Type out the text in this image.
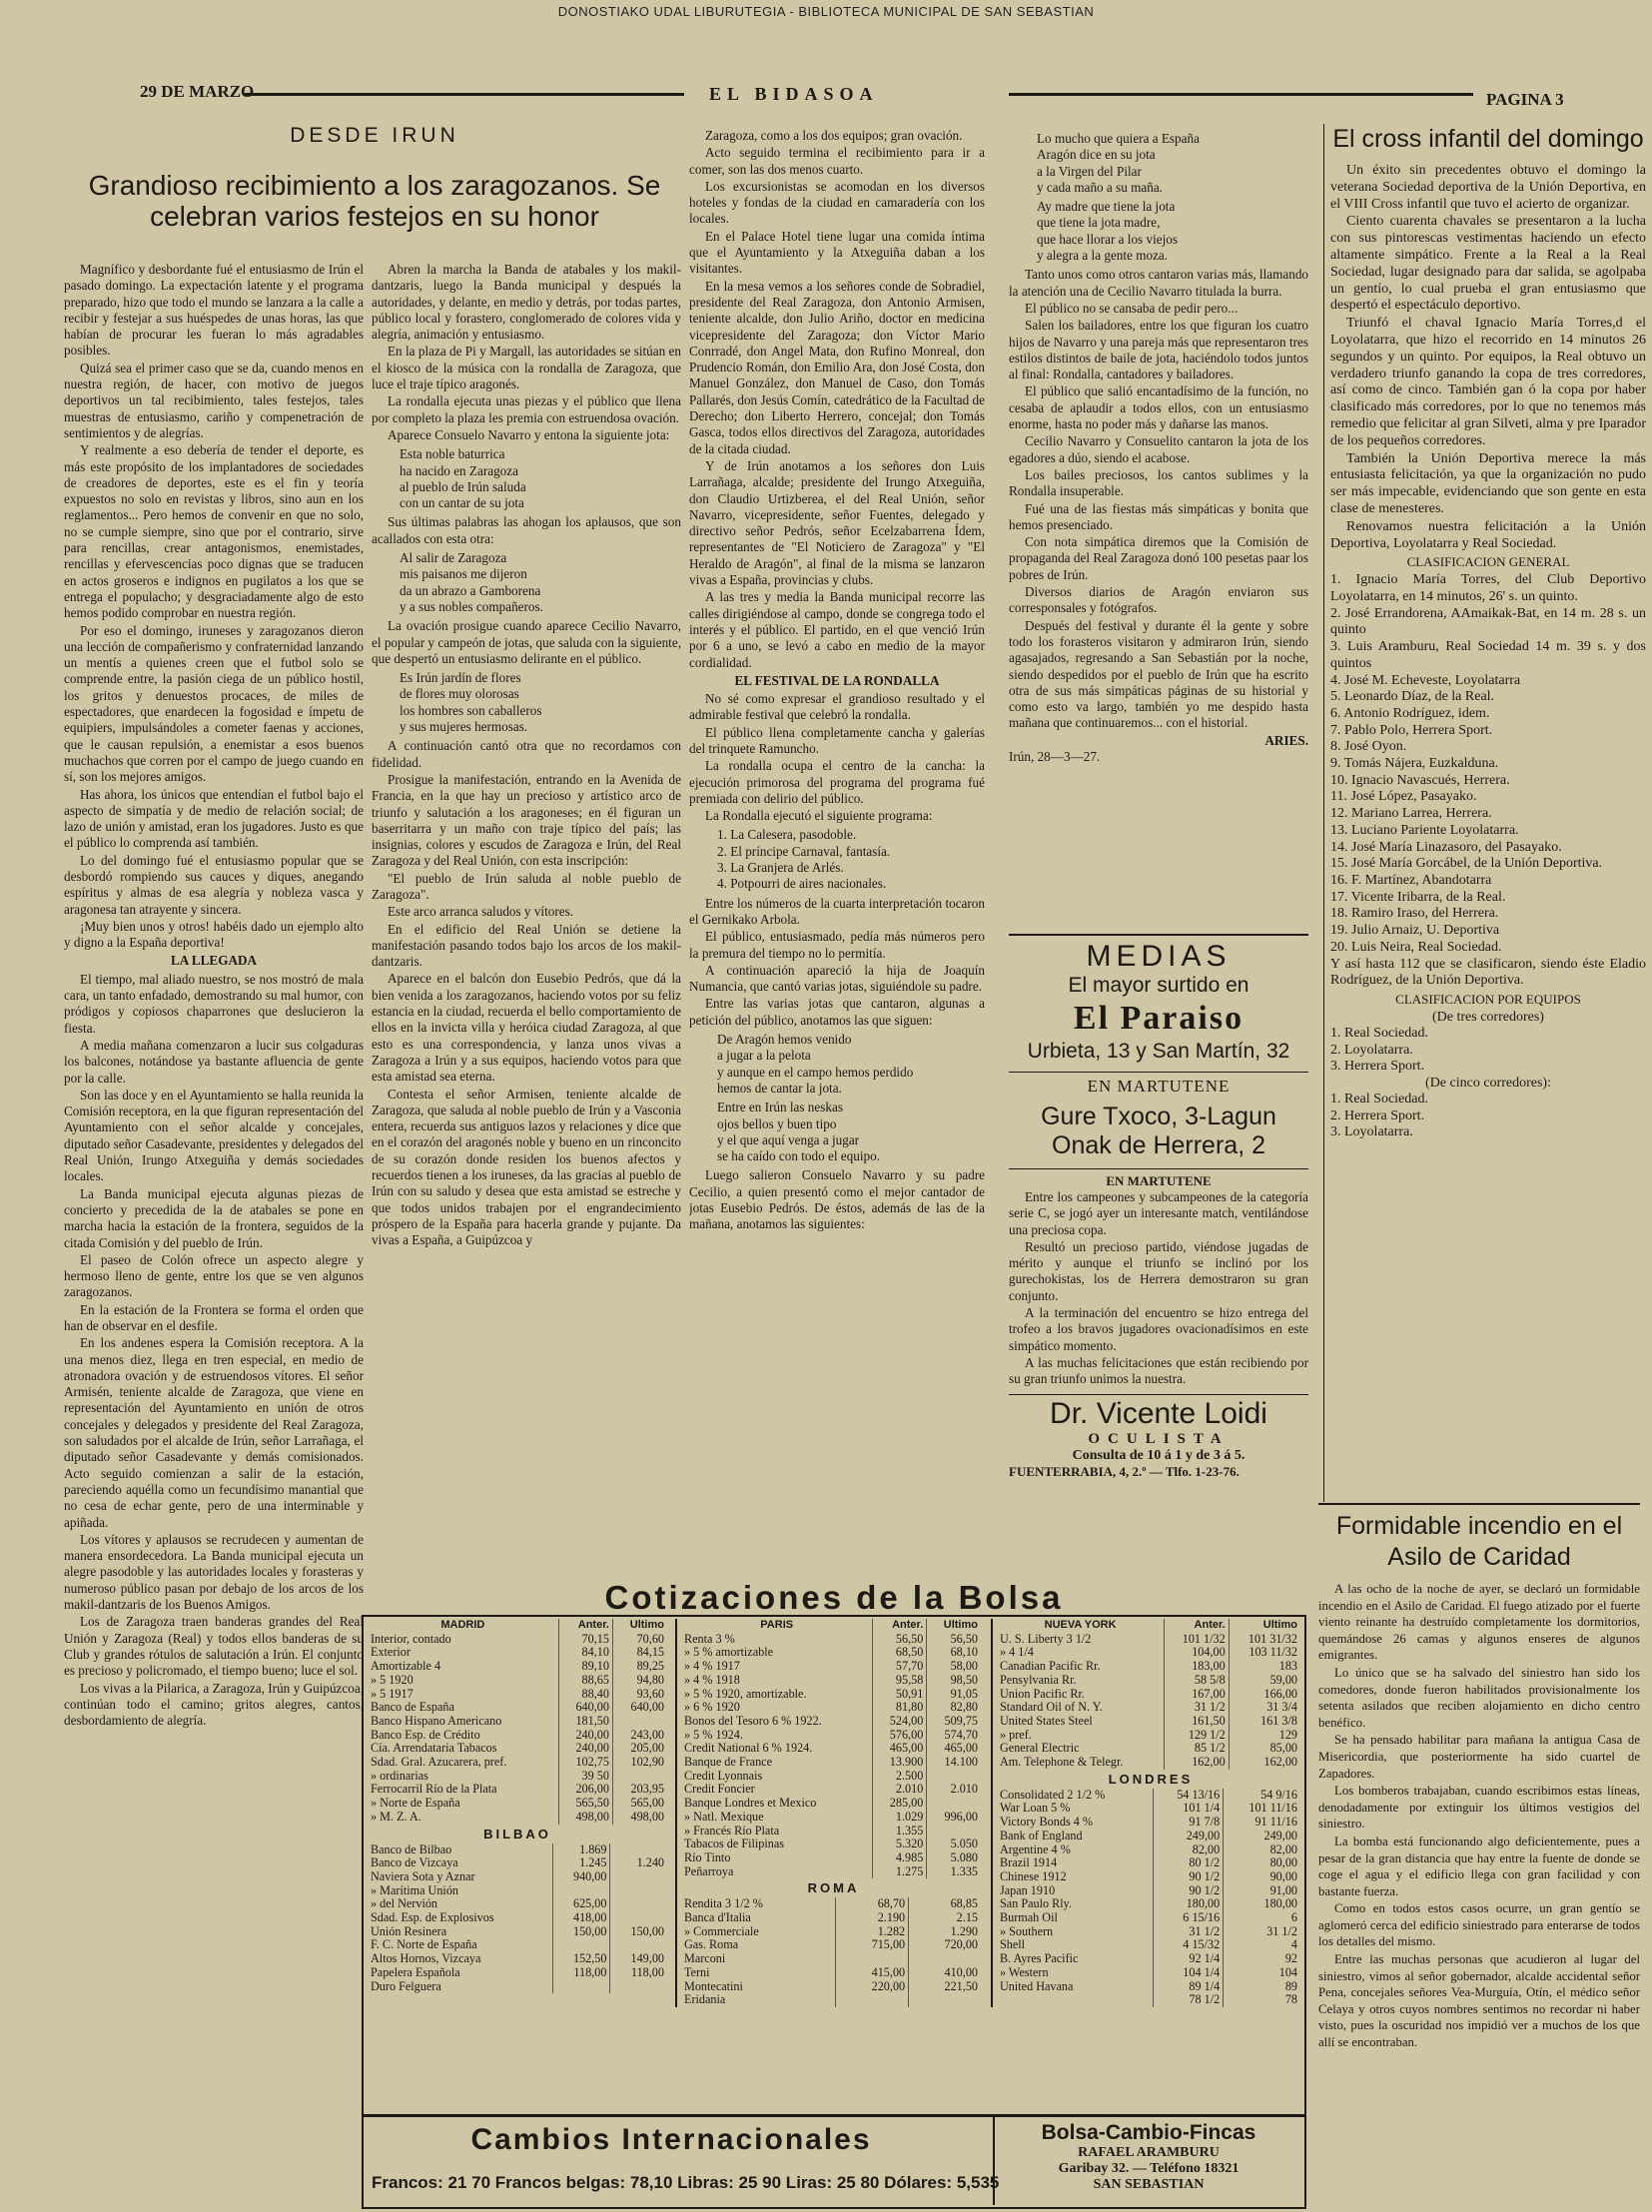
DONOSTIAKO UDAL LIBURUTEGIA - BIBLIOTECA MUNICIPAL DE SAN SEBASTIAN
29 DE MARZO	EL BIDASOA	PAGINA 3
DESDE IRUN
Grandioso recibimiento a los zaragozanos. Se celebran varios festejos en su honor

Magnífico y desbordante fué el entusiasmo de Irún el pasado domingo. La expectación latente y el programa preparado, hizo que todo el mundo se lanzara a la calle a recibir y festejar a sus huéspedes de unas horas, las que habían de procurar les fueran lo más agradables posibles.

Quizá sea el primer caso que se da, cuando menos en nuestra región, de hacer, con motivo de juegos deportivos un tal recibimiento, tales festejos, tales muestras de entusiasmo, cariño y compenetración de sentimientos y de alegrías.

Y realmente a eso debería de tender el deporte, es más este propósito de los implantadores de sociedades de creadores de deportes, este es el fin y teoría expuestos no solo en revistas y libros, sino aun en los reglamentos... Pero hemos de convenir en que no solo, no se cumple siempre, sino que por el contrario, sirve para rencillas, crear antagonismos, enemistades, rencillas y efervescencias poco dignas que se traducen en actos groseros e indignos en pugilatos a los que se entrega el populacho; y desgraciadamente algo de esto hemos podido comprobar en nuestra región.

Por eso el domingo, iruneses y zaragozanos dieron una lección de compañerismo y confraternidad lanzando un mentís a quienes creen que el futbol solo se comprende entre, la pasión ciega de un público hostil, los gritos y denuestos procaces, de miles de espectadores, que enardecen la fogosidad e ímpetu de equipiers, impulsándoles a cometer faenas y acciones, que le causan repulsión, a enemistar a esos buenos muchachos que corren por el campo de juego cuando en sí, son los mejores amigos.

Has ahora, los únicos que entendían el futbol bajo el aspecto de simpatía y de medio de relación social; de lazo de unión y amistad, eran los jugadores. Justo es que el público lo comprenda así también.

Lo del domingo fué el entusiasmo popular que se desbordó rompiendo sus cauces y diques, anegando espíritus y almas de esa alegría y nobleza vasca y aragonesa tan atrayente y sincera.

¡Muy bien unos y otros! habéis dado un ejemplo alto y digno a la España deportiva!

LA LLEGADA

El tiempo, mal aliado nuestro, se nos mostró de mala cara, un tanto enfadado, demostrando su mal humor, con pródigos y copiosos chaparrones que deslucieron la fiesta.

A media mañana comenzaron a lucir sus colgaduras los balcones, notándose ya bastante afluencia de gente por la calle.

Son las doce y en el Ayuntamiento se halla reunida la Comisión receptora, en la que figuran representación del Ayuntamiento con el señor alcalde y concejales, diputado señor Casadevante, presidentes y delegados del Real Unión, Irungo Atxeguiña y demás sociedades locales.

La Banda municipal ejecuta algunas piezas de concierto y precedida de la de atabales se pone en marcha hacia la estación de la frontera, seguidos de la citada Comisión y del pueblo de Irún.

El paseo de Colón ofrece un aspecto alegre y hermoso lleno de gente, entre los que se ven algunos zaragozanos.

En la estación de la Frontera se forma el orden que han de observar en el desfile.

En los andenes espera la Comisión receptora. A la una menos diez, llega en tren especial, en medio de atronadora ovación y de estruendosos vítores. El señor Armisén, teniente alcalde de Zaragoza, que viene en representación del Ayuntamiento en unión de otros concejales y delegados y presidente del Real Zaragoza, son saludados por el alcalde de Irún, señor Larrañaga, el diputado señor Casadevante y demás comisionados. Acto seguido comienzan a salir de la estación, pareciendo aquélla como un fecundísimo manantial que no cesa de echar gente, pero de una interminable y apiñada.

Los vítores y aplausos se recrudecen y aumentan de manera ensordecedora. La Banda municipal ejecuta un alegre pasodoble y las autoridades locales y forasteras y numeroso público pasan por debajo de los arcos de los makil-dantzaris de los Buenos Amigos.

Los de Zaragoza traen banderas grandes del Real Unión y Zaragoza (Real) y todos ellos banderas de su Club y grandes rótulos de salutación a Irún. El conjunto es precioso y policromado, el tiempo bueno; luce el sol.

Los vivas a la Pilarica, a Zaragoza, Irún y Guipúzcoa, continúan todo el camino; gritos alegres, cantos, desbordamiento de alegría.

Abren la marcha la Banda de atabales y los makil-dantzaris, luego la Banda municipal y después la autoridades, y delante, en medio y detrás, por todas partes, público local y forastero, conglomerado de colores vida y alegría, animación y entusiasmo.

En la plaza de Pi y Margall, las autoridades se sitúan en el kiosco de la música con la rondalla de Zaragoza, que luce el traje típico aragonés.

La rondalla ejecuta unas piezas y el público que llena por completo la plaza les premia con estruendosa ovación.

Aparece Consuelo Navarro y entona la siguiente jota:

Esta noble baturrica
ha nacido en Zaragoza
al pueblo de Irún saluda
con un cantar de su jota

Sus últimas palabras las ahogan los aplausos, que son acallados con esta otra:

Al salir de Zaragoza
mis paisanos me dijeron
da un abrazo a Gamborena
y a sus nobles compañeros.

La ovación prosigue cuando aparece Cecilio Navarro, el popular y campeón de jotas, que saluda con la siguiente, que despertó un entusiasmo delirante en el público.

Es Irún jardín de flores
de flores muy olorosas
los hombres son caballeros
y sus mujeres hermosas.

A continuación cantó otra que no recordamos con fidelidad.

Prosigue la manifestación, entrando en la Avenida de Francia, en la que hay un precioso y artístico arco de triunfo y salutación a los aragoneses; en él figuran un baserritarra y un maño con traje típico del país; las insignias, colores y escudos de Zaragoza e Irún, del Real Zaragoza y del Real Unión, con esta inscripción:

"El pueblo de Irún saluda al noble pueblo de Zaragoza".

Este arco arranca saludos y vítores.

En el edificio del Real Unión se detiene la manifestación pasando todos bajo los arcos de los makil-dantzaris.

Aparece en el balcón don Eusebio Pedrós, que dá la bien venida a los zaragozanos, haciendo votos por su feliz estancia en la ciudad, recuerda el bello comportamiento de ellos en la invicta villa y heróica ciudad Zaragoza, al que esto es una correspondencia, y lanza unos vivas a Zaragoza a Irún y a sus equipos, haciendo votos para que esta amistad sea eterna.

Contesta el señor Armisen, teniente alcalde de Zaragoza, que saluda al noble pueblo de Irún y a Vasconia entera, recuerda sus antiguos lazos y relaciones y dice que en el corazón del aragonés noble y bueno en un rinconcito de su corazón donde residen los buenos afectos y recuerdos tienen a los iruneses, da las gracias al pueblo de Irún con su saludo y desea que esta amistad se estreche y que todos unidos trabajen por el engrandecimiento próspero de la España para hacerla grande y pujante. Da vivas a España, a Guipúzcoa y

Zaragoza, como a los dos equipos; gran ovación.

Acto seguido termina el recibimiento para ir a comer, son las dos menos cuarto.

Los excursionistas se acomodan en los diversos hoteles y fondas de la ciudad en camaradería con los locales.

En el Palace Hotel tiene lugar una comida íntima que el Ayuntamiento y la Atxeguiña daban a los visitantes.

En la mesa vemos a los señores conde de Sobradiel, presidente del Real Zaragoza, don Antonio Armisen, teniente alcalde, don Julio Ariño, doctor en medicina vicepresidente del Zaragoza; don Víctor Mario Conrradé, don Angel Mata, don Rufino Monreal, don Prudencio Román, don Emilio Ara, don José Costa, don Manuel González, don Manuel de Caso, don Tomás Pallarés, don Jesús Comín, catedrático de la Facultad de Derecho; don Liberto Herrero, concejal; don Tomás Gasca, todos ellos directivos del Zaragoza, autoridades de la citada ciudad.

Y de Irún anotamos a los señores don Luis Larrañaga, alcalde; presidente del Irungo Atxeguiña, don Claudio Urtizberea, el del Real Unión, señor Navarro, vicepresidente, señor Fuentes, delegado y directivo señor Pedrós, señor Ecelzabarrena Ídem, representantes de "El Noticiero de Zaragoza" y "El Heraldo de Aragón", al final de la misma se lanzaron vivas a España, provincias y clubs.

A las tres y media la Banda municipal recorre las calles dirigiéndose al campo, donde se congrega todo el interés y el público. El partido, en el que venció Irún por 6 a uno, se levó a cabo en medio de la mayor cordialidad.

EL FESTIVAL DE LA RONDALLA

No sé como expresar el grandioso resultado y el admirable festival que celebró la rondalla.

El público llena completamente cancha y galerías del trinquete Ramuncho.

La rondalla ocupa el centro de la cancha: la ejecución primorosa del programa del programa fué premiada con delirio del público.

La Rondalla ejecutó el siguiente programa:

1. La Calesera, pasodoble.
2. El príncipe Carnaval, fantasía.
3. La Granjera de Arlés.
4. Potpourri de aires nacionales.

Entre los números de la cuarta interpretación tocaron el Gernikako Arbola.

El público, entusiasmado, pedía más números pero la premura del tiempo no lo permitía.

A continuación apareció la hija de Joaquín Numancia, que cantó varias jotas, siguiéndole su padre.

Entre las varias jotas que cantaron, algunas a petición del público, anotamos las que siguen:

De Aragón hemos venido
a jugar a la pelota
y aunque en el campo hemos perdido
hemos de cantar la jota.
Entre en Irún las neskas
ojos bellos y buen tipo
y el que aquí venga a jugar
se ha caído con todo el equipo.

Luego salieron Consuelo Navarro y su padre Cecilio, a quien presentó como el mejor cantador de jotas Eusebio Pedrós. De éstos, además de las de la mañana, anotamos las siguientes:

Lo mucho que quiera a España
Aragón dice en su jota
a la Virgen del Pilar
y cada maño a su maña.
Ay madre que tiene la jota
que tiene la jota madre,
que hace llorar a los viejos
y alegra a la gente moza.

Tanto unos como otros cantaron varias más, llamando la atención una de Cecilio Navarro titulada la burra.

El público no se cansaba de pedir pero...

Salen los bailadores, entre los que figuran los cuatro hijos de Navarro y una pareja más que representaron tres estilos distintos de baile de jota, haciéndolo todos juntos al final: Rondalla, cantadores y bailadores.

El público que salió encantadísimo de la función, no cesaba de aplaudir a todos ellos, con un entusiasmo enorme, hasta no poder más y dañarse las manos.

Cecilio Navarro y Consuelito cantaron la jota de los egadores a dúo, siendo el acabose.

Los bailes preciosos, los cantos sublimes y la Rondalla insuperable.

Fué una de las fiestas más simpáticas y bonita que hemos presenciado.

Con nota simpática diremos que la Comisión de propaganda del Real Zaragoza donó 100 pesetas paar los pobres de Irún.

Diversos diarios de Aragón enviaron sus corresponsales y fotógrafos.

Después del festival y durante él la gente y sobre todo los forasteros visitaron y admiraron Irún, siendo agasajados, regresando a San Sebastián por la noche, siendo despedidos por el pueblo de Irún que ha escrito otra de sus más simpáticas páginas de su historial y como esto va largo, también yo me despido hasta mañana que continuaremos... con el historial.

ARIES.
Irún, 28—3—27.
MEDIAS
El mayor surtido en
El Paraiso
Urbieta, 13 y San Martín, 32
EN MARTUTENE
Gure Txoco, 3-Lagun
Onak de Herrera, 2
EN MARTUTENE

Entre los campeones y subcampeones de la categoría serie C, se jogó ayer un interesante match, ventilándose una preciosa copa.

Resultó un precioso partido, viéndose jugadas de mérito y aunque el triunfo se inclinó por los gurechokistas, los de Herrera demostraron su gran conjunto.

A la terminación del encuentro se hizo entrega del trofeo a los bravos jugadores ovacionadísimos en este simpático momento.

A las muchas felicitaciones que están recibiendo por su gran triunfo unimos la nuestra.

Dr. Vicente Loidi
OCULISTA
Consulta de 10 á 1 y de 3 á 5.
FUENTERRABIA, 4, 2.º — Tlfo. 1-23-76.
El cross infantil del domingo

Un éxito sin precedentes obtuvo el domingo la veterana Sociedad deportiva de la Unión Deportiva, en el VIII Cross infantil que tuvo el acierto de organizar.

Ciento cuarenta chavales se presentaron a la lucha con sus pintorescas vestimentas haciendo un efecto altamente simpático. Frente a la Real a la Real Sociedad, lugar designado para dar salida, se agolpaba un gentío, lo cual prueba el gran entusiasmo que despertó el espectáculo deportivo.

Triunfó el chaval Ignacio María Torres,d el Loyolatarra, que hizo el recorrido en 14 minutos 26 segundos y un quinto. Por equipos, la Real obtuvo un verdadero triunfo ganando la copa de tres corredores, así como de cinco. También gan ó la copa por haber clasificado más corredores, por lo que no tenemos más remedio que felicitar al gran Silveti, alma y pre Iparador de los pequeños corredores.

También la Unión Deportiva merece la más entusiasta felicitación, ya que la organización no pudo ser más impecable, evidenciando que son gente en esta clase de menesteres.

Renovamos nuestra felicitación a la Unión Deportiva, Loyolatarra y Real Sociedad.

CLASIFICACION GENERAL
1. Ignacio María Torres, del Club Deportivo Loyolatarra, en 14 minutos, 26' s. un quinto.
2. José Errandorena, AAmaikak-Bat, en 14 m. 28 s. un quinto
3. Luis Aramburu, Real Sociedad 14 m. 39 s. y dos quintos
4. José M. Echeveste, Loyolatarra
5. Leonardo Díaz, de la Real.
6. Antonio Rodríguez, idem.
7. Pablo Polo, Herrera Sport.
8. José Oyon.
9. Tomás Nájera, Euzkalduna.
10. Ignacio Navascués, Herrera.
11. José López, Pasayako.
12. Mariano Larrea, Herrera.
13. Luciano Pariente Loyolatarra.
14. José María Linazasoro, del Pasayako.
15. José María Gorcábel, de la Unión Deportiva.
16. F. Martínez, Abandotarra
17. Vicente Iribarra, de la Real.
18. Ramiro Iraso, del Herrera.
19. Julio Arnaiz, U. Deportiva
20. Luis Neira, Real Sociedad.
Y así hasta 112 que se clasificaron, siendo éste Eladio Rodríguez, de la Unión Deportiva.
CLASIFICACION POR EQUIPOS
(De tres corredores)
1. Real Sociedad.
2. Loyolatarra.
3. Herrera Sport.
(De cinco corredores):
1. Real Sociedad.
2. Herrera Sport.
3. Loyolatarra.
Formidable incendio en el Asilo de Caridad

A las ocho de la noche de ayer, se declaró un formidable incendio en el Asilo de Caridad. El fuego atizado por el fuerte viento reinante ha destruído completamente los dormitorios, quemándose 26 camas y algunos enseres de algunos emigrantes.

Lo único que se ha salvado del siniestro han sido los comedores, donde fueron habilitados provisionalmente los setenta asilados que reciben alojamiento en dicho centro benéfico.

Se ha pensado habilitar para mañana la antigua Casa de Misericordia, que posteriormente ha sido cuartel de Zapadores.

Los bomberos trabajaban, cuando escribimos estas líneas, denodadamente por extinguir los últimos vestigios del siniestro.

La bomba está funcionando algo deficientemente, pues a pesar de la gran distancia que hay entre la fuente de donde se coge el agua y el edificio llega con gran facilidad y con bastante fuerza.

Como en todos estos casos ocurre, un gran gentío se aglomeró cerca del edificio siniestrado para enterarse de todos los detalles del mismo.

Entre las muchas personas que acudieron al lugar del siniestro, vimos al señor gobernador, alcalde accidental señor Pena, concejales señores Vea-Murguía, Otín, el médico señor Celaya y otros cuyos nombres sentimos no recordar ni haber visto, pues la oscuridad nos impidió ver a muchos de los que allí se encontraban.

Cotizaciones de la Bolsa
MADRID	Anter.	Ultimo
Interior, contado	70,15	70,60
Exterior	84,10	84,15
Amortizable 4	89,10	89,25
» 5 1920	88,65	94,80
» 5 1917	88,40	93,60
Banco de España	640,00	640,00
Banco Hispano Americano	181,50	
Banco Esp. de Crédito	240,00	243,00
Cía. Arrendataria Tabacos	240,00	205,00
Sdad. Gral. Azucarera, pref.	102,75	102,90
» ordinarias	39 50	
Ferrocarril Río de la Plata	206,00	203,95
» Norte de España	565,50	565,00
» M. Z. A.	498,00	498,00
BILBAO
Banco de Bilbao	1.869	
Banco de Vizcaya	1.245	1.240
Naviera Sota y Aznar	940,00	
» Marítima Unión		
» del Nervión	625,00	
Sdad. Esp. de Explosivos	418,00	
Unión Resinera	150,00	150,00
F. C. Norte de España		
Altos Hornos, Vizcaya	152,50	149,00
Papelera Española	118,00	118,00
Duro Felguera		
PARIS	Anter.	Ultimo
Renta 3 %	56,50	56,50
» 5 % amortizable	68,50	68,10
» 4 % 1917	57,70	58,00
» 4 % 1918	95,58	98,50
» 5 % 1920, amortizable.	50,91	91,05
» 6 % 1920	81,80	82,80
Bonos del Tesoro 6 % 1922.	524,00	509,75
» 5 % 1924.	576,00	574,70
Credit National 6 % 1924.	465,00	465,00
Banque de France	13.900	14.100
Credit Lyonnais	2.500	
Credit Foncier	2.010	2.010
Banque Londres et Mexico	285,00	
» Natl. Mexique	1.029	996,00
» Francés Río Plata	1.355	
Tabacos de Filipinas	5.320	5.050
Río Tinto	4.985	5.080
Peñarroya	1.275	1.335
ROMA
Rendita 3 1/2 %	68,70	68,85
Banca d'Italia	2.190	2.15
» Commerciale	1.282	1.290
Gas. Roma	715,00	720,00
Marconi		
Terni	415,00	410,00
Montecatini	220,00	221,50
Eridania		
NUEVA YORK	Anter.	Ultimo
U. S. Liberty 3 1/2	101 1/32	101 31/32
» 4 1/4	104,00	103 11/32
Canadian Pacific Rr.	183,00	183
Pensylvania Rr.	58 5/8	59,00
Union Pacific Rr.	167,00	166,00
Standard Oil of N. Y.	31 1/2	31 3/4
United States Steel	161,50	161 3/8
» pref.	129 1/2	129
General Electric	85 1/2	85,00
Am. Telephone & Telegr.	162,00	162,00
LONDRES
Consolidated 2 1/2 %	54 13/16	54 9/16
War Loan 5 %	101 1/4	101 11/16
Victory Bonds 4 %	91 7/8	91 11/16
Bank of England	249,00	249,00
Argentine 4 %	82,00	82,00
Brazil 1914	80 1/2	80,00
Chinese 1912	90 1/2	90,00
Japan 1910	90 1/2	91,00
San Paulo Rly.	180,00	180,00
Burmah Oil	6 15/16	6
» Southern	31 1/2	31 1/2
Shell	4 15/32	4
B. Ayres Pacific	92 1/4	92
» Western	104 1/4	104
United Havana	89 1/4	89
	78 1/2	78
Cambios Internacionales
Francos: 21 70 Francos belgas: 78,10 Libras: 25 90 Liras: 25 80 Dólares: 5,535
Bolsa-Cambio-Fincas
RAFAEL ARAMBURU
Garibay 32. — Teléfono 18321
SAN SEBASTIAN
